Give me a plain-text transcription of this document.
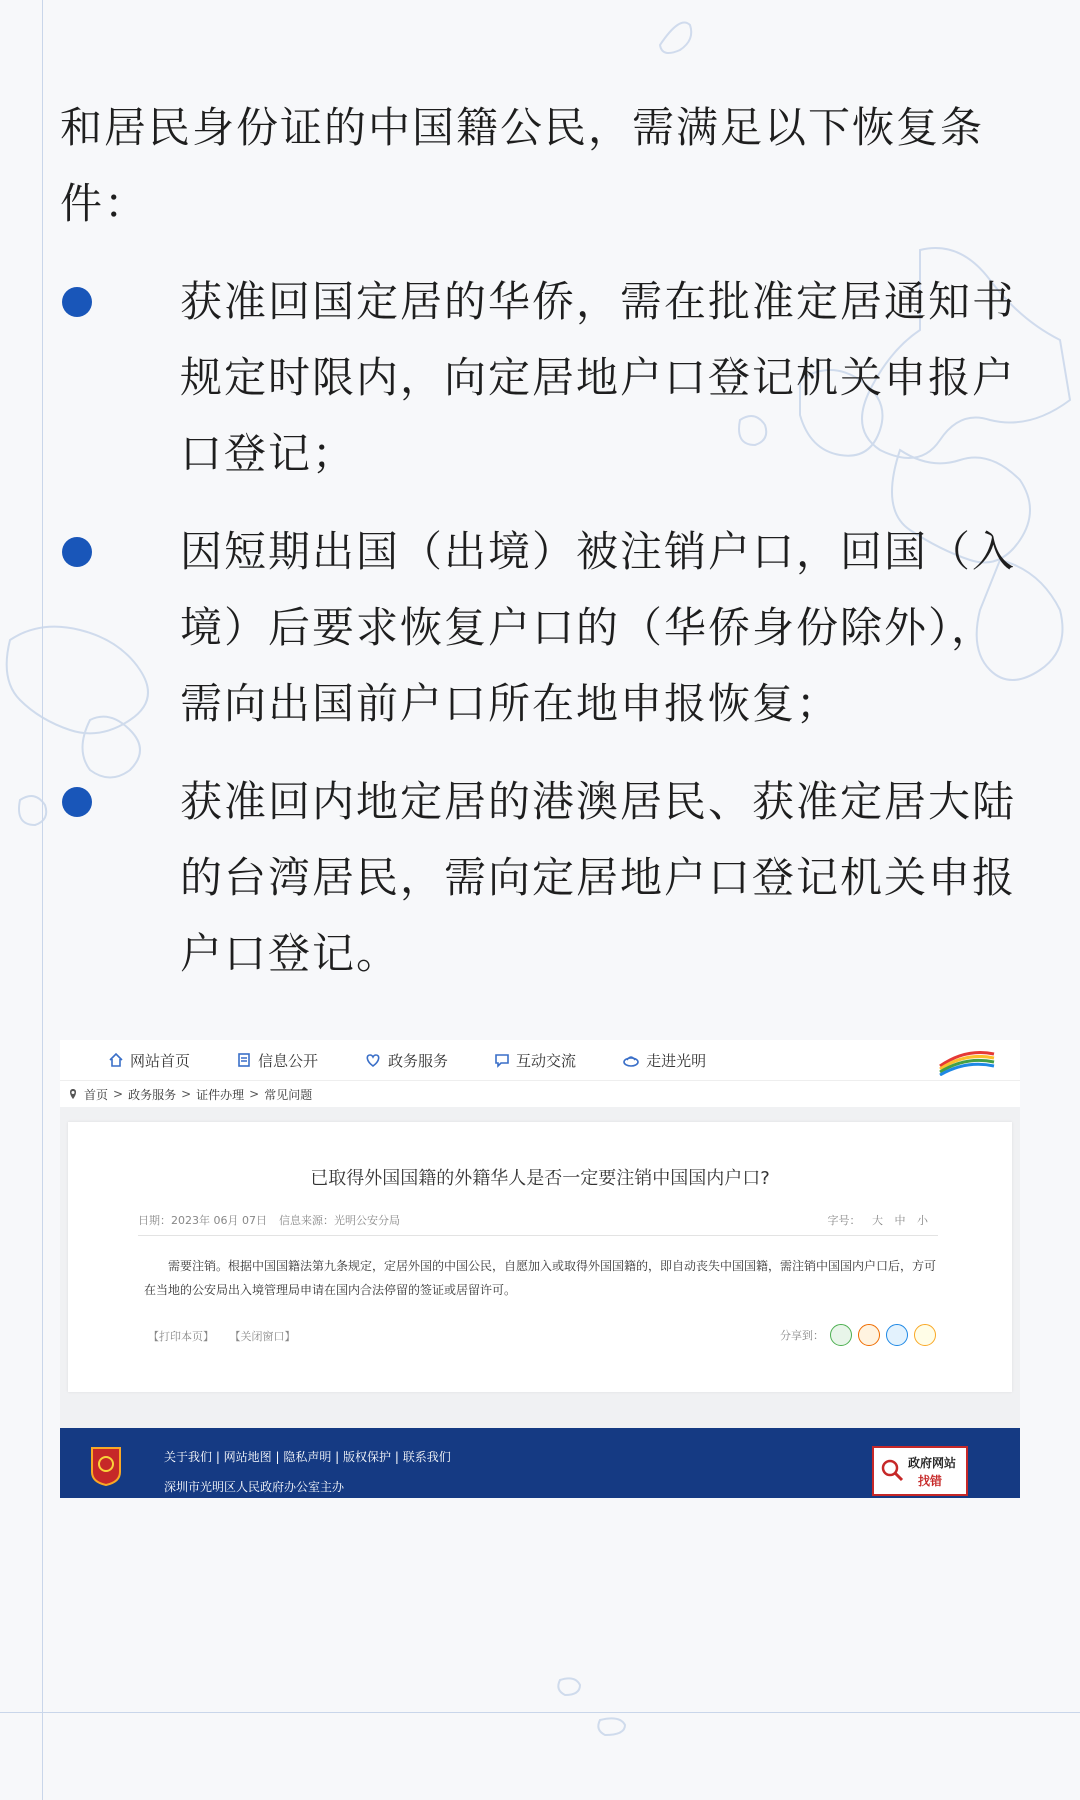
和居民身份证的中国籍公民，需满足以下恢复条件：

获准回国定居的华侨，需在批准定居通知书规定时限内，向定居地户口登记机关申报户口登记；

因短期出国（出境）被注销户口，回国（入境）后要求恢复户口的（华侨身份除外），需向出国前户口所在地申报恢复；

获准回内地定居的港澳居民、获准定居大陆的台湾居民，需向定居地户口登记机关申报户口登记。

网站首页	信息公开	政务服务	互动交流	走进光明
首页 > 政务服务 > 证件办理 > 常见问题
已取得外国国籍的外籍华人是否一定要注销中国国内户口?
日期：2023年 06月 07日 信息来源：光明公安分局	字号： 大 中 小
需要注销。根据中国国籍法第九条规定，定居外国的中国公民，自愿加入或取得外国国籍的，即自动丧失中国国籍，需注销中国国内户口后，方可在当地的公安局出入境管理局申请在国内合法停留的签证或居留许可。
【打印本页】 【关闭窗口】	分享到：
关于我们 | 网站地图 | 隐私声明 | 版权保护 | 联系我们
深圳市光明区人民政府办公室主办
政府网站
找错
